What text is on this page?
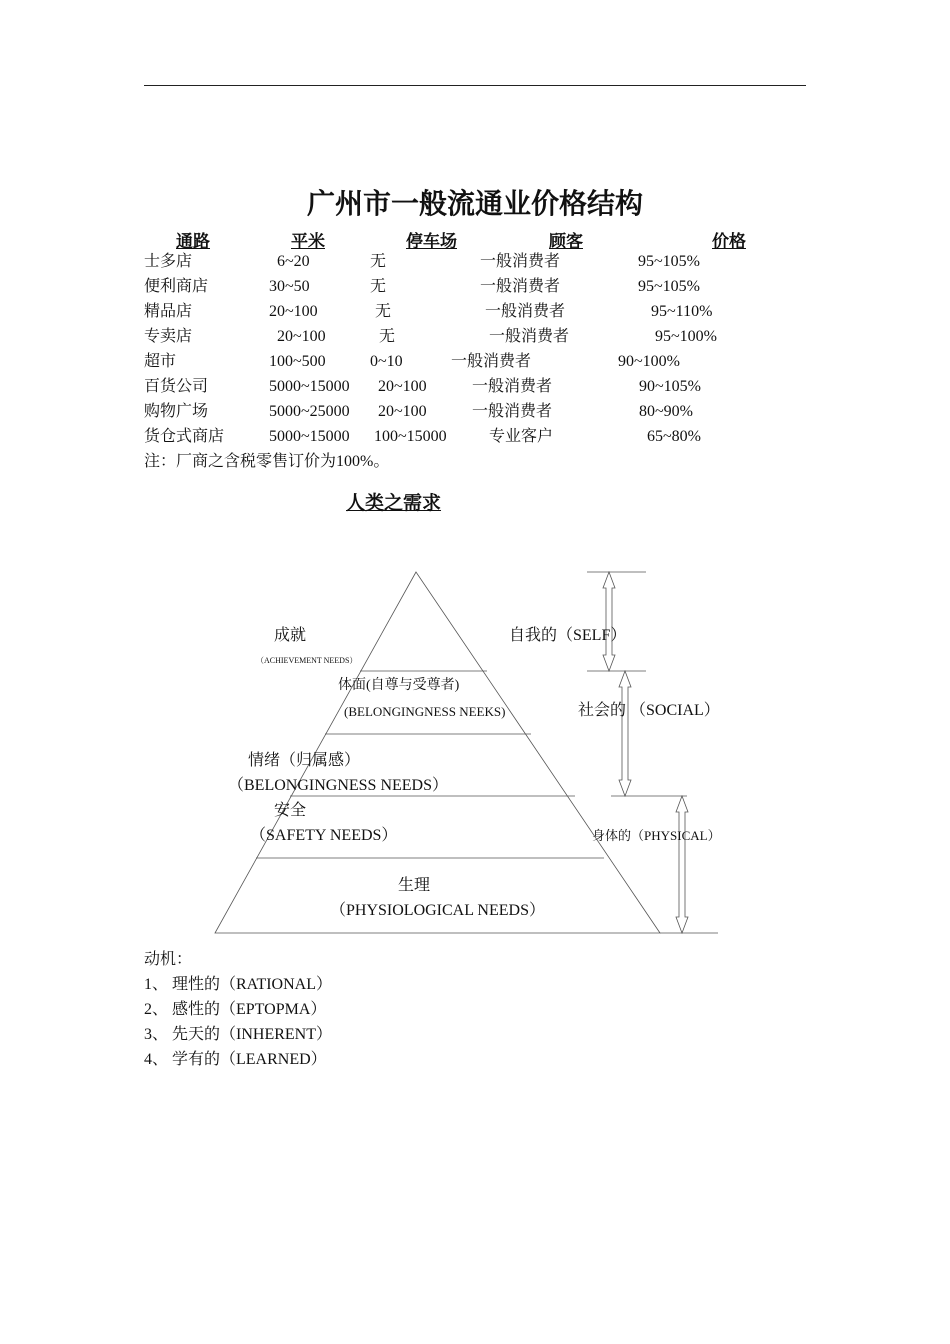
广州市一般流通业价格结构
通路	平米	停车场	顾客	价格
士多店	6~20	无	一般消费者	95~105%
便利商店	30~50	无	一般消费者	95~105%
精品店	20~100	无	一般消费者	95~110%
专卖店	20~100	无	一般消费者	95~100%
超市	100~500	0~10	一般消费者	90~100%
百货公司	5000~15000 20~100	一般消费者	90~105%
购物广场	5000~25000 20~100	一般消费者	80~90%
货仓式商店	5000~15000 100~15000	专业客户	65~80%
注：厂商之含税零售订价为100%。
人类之需求
成就
（ACHIEVEMENT NEEDS）
体面(自尊与受尊者)
(BELONGINGNESS NEEKS)
情绪（归属感）
（BELONGINGNESS NEEDS）
安全
（SAFETY NEEDS）
生理
（PHYSIOLOGICAL NEEDS）
自我的（SELF）
社会的 （SOCIAL）
身体的（PHYSICAL）
动机：
1、 理性的（RATIONAL）
2、 感性的（EPTOPMA）
3、 先天的（INHERENT）
4、 学有的（LEARNED）
